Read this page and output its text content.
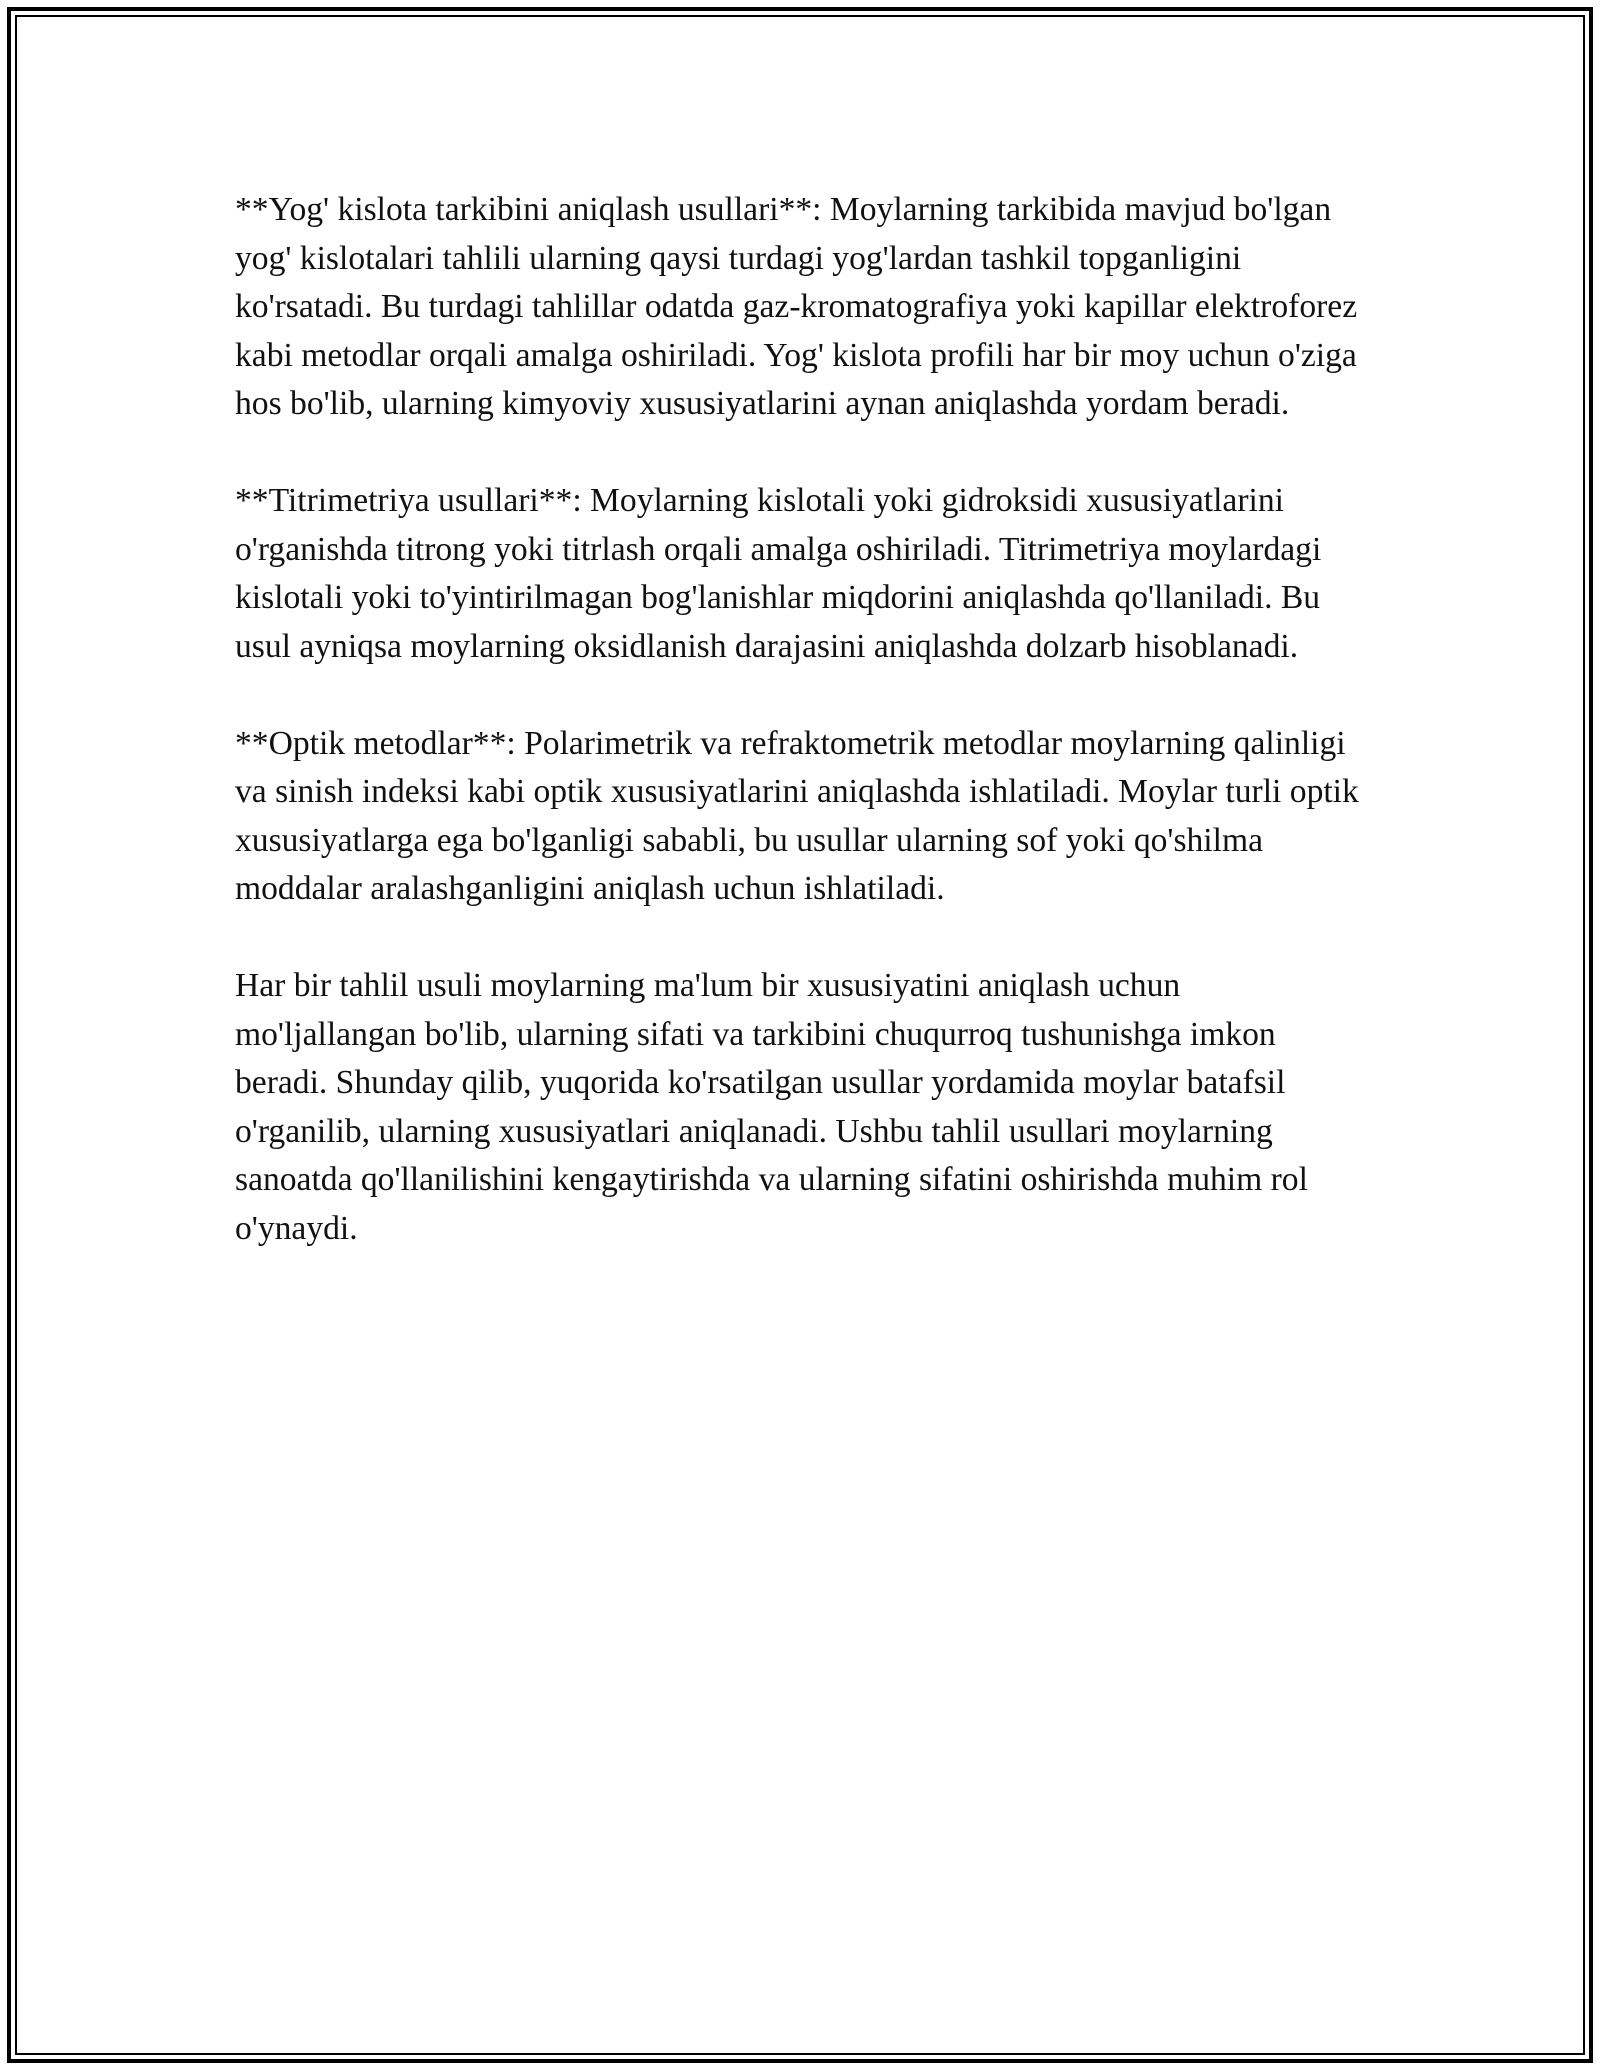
**Yog' kislota tarkibini aniqlash usullari**: Moylarning tarkibida mavjud bo'lgan yog' kislotalari tahlili ularning qaysi turdagi yog'lardan tashkil topganligini ko'rsatadi. Bu turdagi tahlillar odatda gaz-kromatografiya yoki kapillar elektroforez kabi metodlar orqali amalga oshiriladi. Yog' kislota profili har bir moy uchun o'ziga hos bo'lib, ularning kimyoviy xususiyatlarini aynan aniqlashda yordam beradi.

**Titrimetriya usullari**: Moylarning kislotali yoki gidroksidi xususiyatlarini o'rganishda titrong yoki titrlash orqali amalga oshiriladi. Titrimetriya moylardagi kislotali yoki to'yintirilmagan bog'lanishlar miqdorini aniqlashda qo'llaniladi. Bu usul ayniqsa moylarning oksidlanish darajasini aniqlashda dolzarb hisoblanadi.

**Optik metodlar**: Polarimetrik va refraktometrik metodlar moylarning qalinligi va sinish indeksi kabi optik xususiyatlarini aniqlashda ishlatiladi. Moylar turli optik xususiyatlarga ega bo'lganligi sababli, bu usullar ularning sof yoki qo'shilma moddalar aralashganligini aniqlash uchun ishlatiladi.

Har bir tahlil usuli moylarning ma'lum bir xususiyatini aniqlash uchun mo'ljallangan bo'lib, ularning sifati va tarkibini chuqurroq tushunishga imkon beradi. Shunday qilib, yuqorida ko'rsatilgan usullar yordamida moylar batafsil o'rganilib, ularning xususiyatlari aniqlanadi. Ushbu tahlil usullari moylarning sanoatda qo'llanilishini kengaytirishda va ularning sifatini oshirishda muhim rol o'ynaydi.
